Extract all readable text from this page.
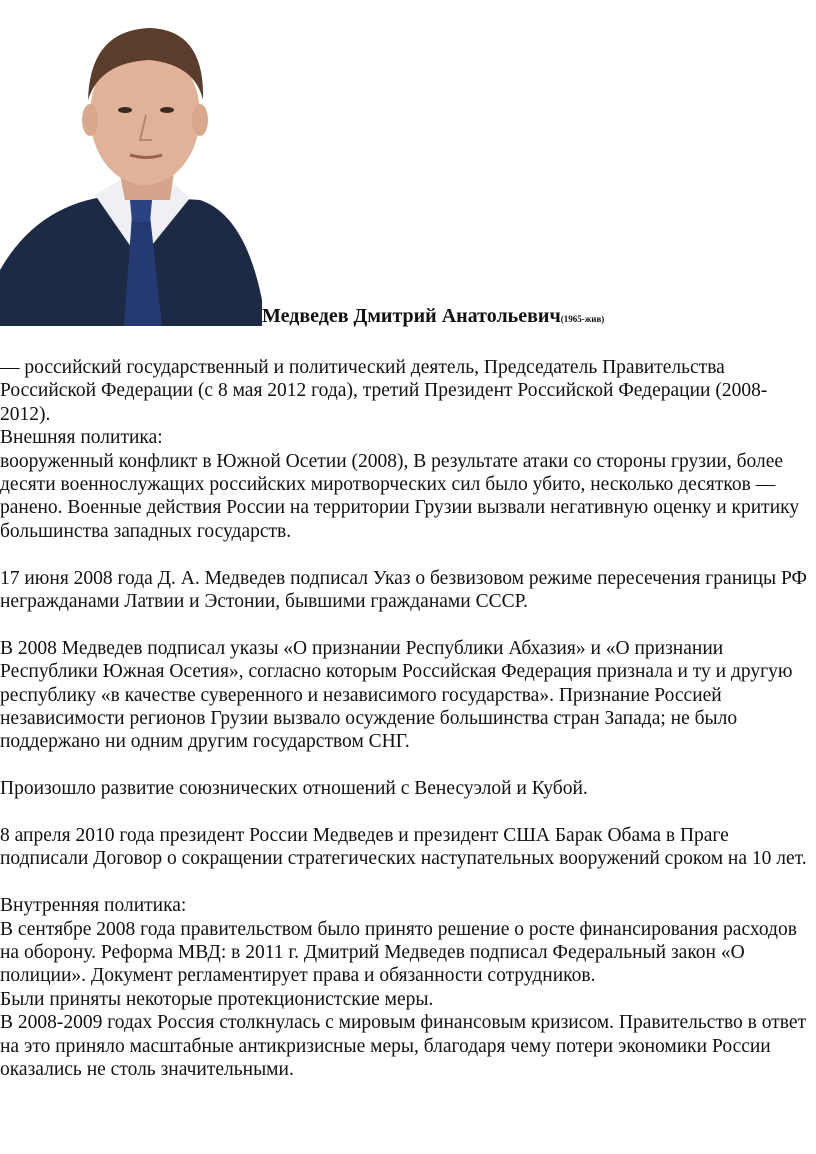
Медведев Дмитрий Анатольевич(1965-жив)

— российский государственный и политический деятель, Председатель Правительства Российской Федерации (с 8 мая 2012 года), третий Президент Российской Федерации (2008-2012).

Внешняя политика:

вооруженный конфликт в Южной Осетии (2008), В результате атаки со стороны грузии, более десяти военнослужащих российских миротворческих сил было убито, несколько десятков — ранено. Военные действия России на территории Грузии вызвали негативную оценку и критику большинства западных государств.

17 июня 2008 года Д. А. Медведев подписал Указ о безвизовом режиме пересечения границы РФ негражданами Латвии и Эстонии, бывшими гражданами СССР.

В 2008 Медведев подписал указы «О признании Республики Абхазия» и «О признании Республики Южная Осетия», согласно которым Российская Федерация признала и ту и другую республику «в качестве суверенного и независимого государства». Признание Россией независимости регионов Грузии вызвало осуждение большинства стран Запада; не было поддержано ни одним другим государством СНГ.

Произошло развитие союзнических отношений с Венесуэлой и Кубой.

8 апреля 2010 года президент России Медведев и президент США Барак Обама в Праге подписали Договор о сокращении стратегических наступательных вооружений сроком на 10 лет.

Внутренняя политика:

В сентябре 2008 года правительством было принято решение о росте финансирования расходов на оборону. Реформа МВД: в 2011 г. Дмитрий Медведев подписал Федеральный закон «О полиции». Документ регламентирует права и обязанности сотрудников.

Были приняты некоторые протекционистские меры.

В 2008-2009 годах Россия столкнулась с мировым финансовым кризисом. Правительство в ответ на это приняло масштабные антикризисные меры, благодаря чему потери экономики России оказались не столь значительными.
